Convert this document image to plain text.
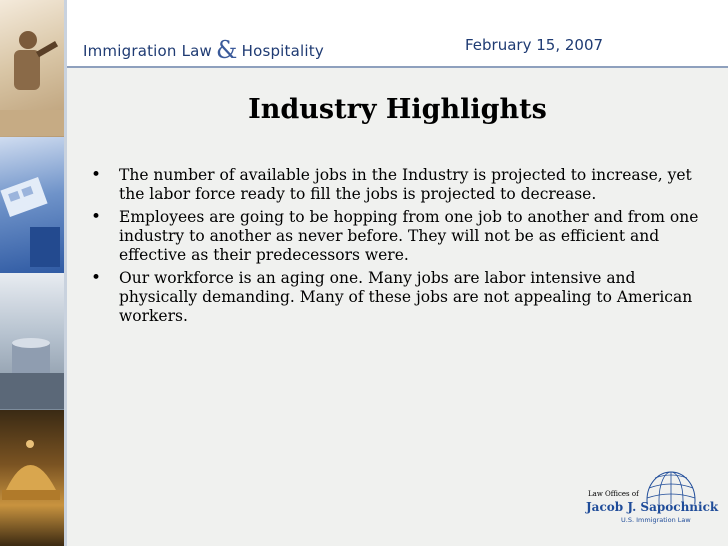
Immigration Law & Hospitality	February 15, 2007
Industry Highlights
• The number of available jobs in the Industry is projected to increase, yet the labor force ready to fill the jobs is projected to decrease.
• Employees are going to be hopping from one job to another and from one industry to another as never before. They will not be as efficient and effective as their predecessors were.
• Our workforce is an aging one. Many jobs are labor intensive and physically demanding. Many of these jobs are not appealing to American workers.
Law Offices of
Jacob J. Sapochnick
U.S. Immigration Law
